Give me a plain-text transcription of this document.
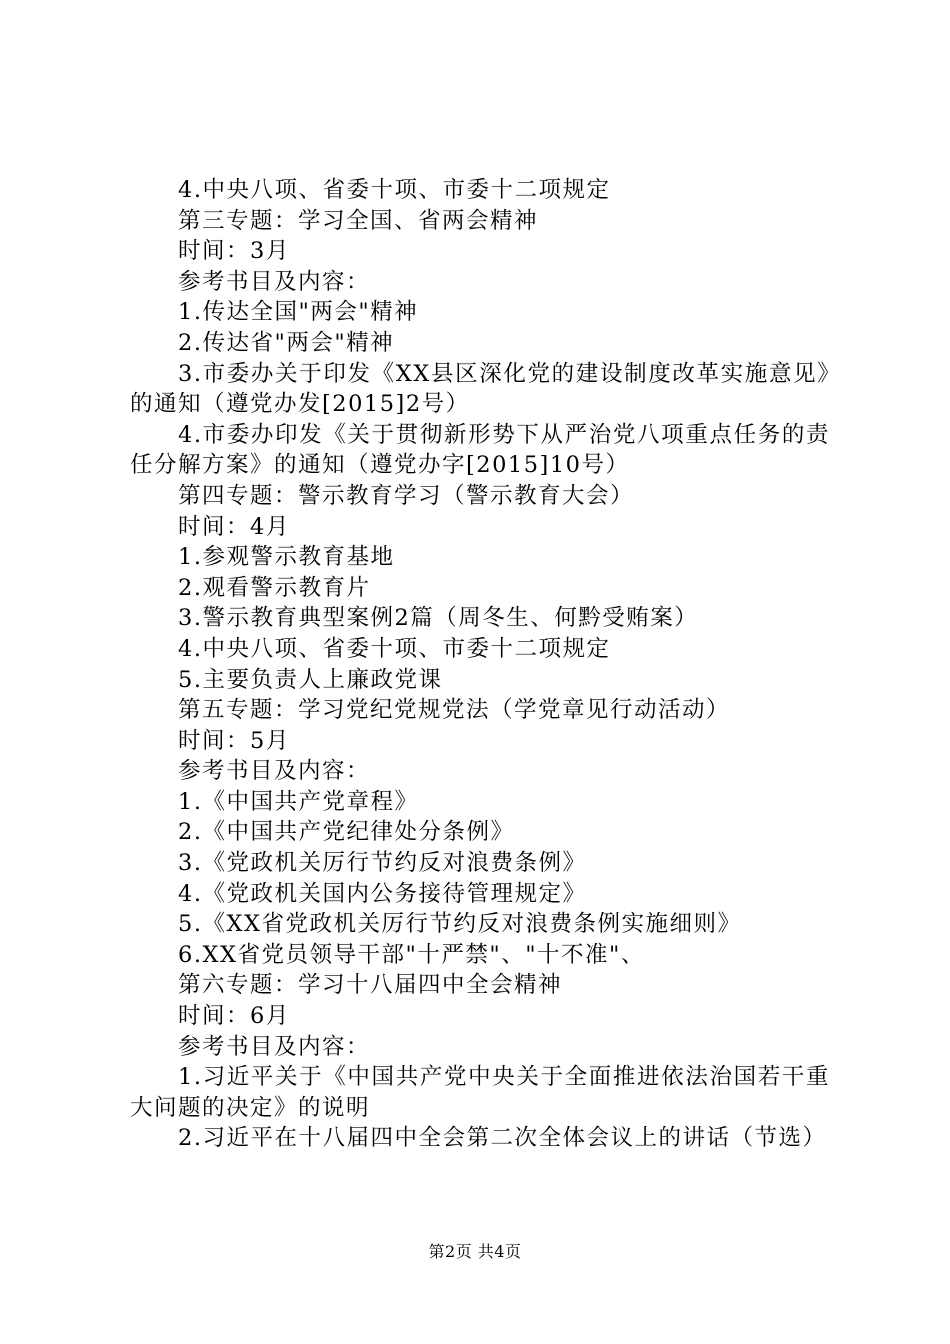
4.中央八项、省委十项、市委十二项规定

第三专题：学习全国、省两会精神

时间：3月

参考书目及内容：

1.传达全国"两会"精神

2.传达省"两会"精神

3.市委办关于印发《XX县区深化党的建设制度改革实施意见》的通知（遵党办发[2015]2号）

4.市委办印发《关于贯彻新形势下从严治党八项重点任务的责任分解方案》的通知（遵党办字[2015]10号）

第四专题：警示教育学习（警示教育大会）

时间：4月

1.参观警示教育基地

2.观看警示教育片

3.警示教育典型案例2篇（周冬生、何黔受贿案）

4.中央八项、省委十项、市委十二项规定

5.主要负责人上廉政党课

第五专题：学习党纪党规党法（学党章见行动活动）

时间：5月

参考书目及内容：

1.《中国共产党章程》

2.《中国共产党纪律处分条例》

3.《党政机关厉行节约反对浪费条例》

4.《党政机关国内公务接待管理规定》

5.《XX省党政机关厉行节约反对浪费条例实施细则》

6.XX省党员领导干部"十严禁"、"十不准"、

第六专题：学习十八届四中全会精神

时间：6月

参考书目及内容：

1.习近平关于《中国共产党中央关于全面推进依法治国若干重大问题的决定》的说明

2.习近平在十八届四中全会第二次全体会议上的讲话（节选）

第2页 共4页
